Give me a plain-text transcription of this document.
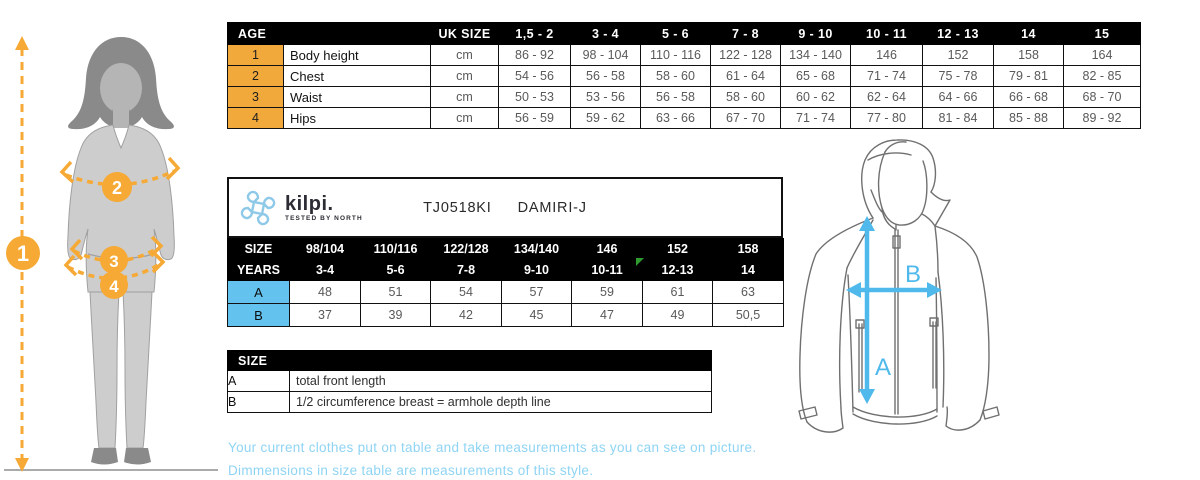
1
2
3
4
AGE		UK SIZE	1,5 - 2	3 - 4	5 - 6	7 - 8	9 - 10	10 - 11	12 - 13	14	15
1	Body height	cm	86 - 92	98 - 104	110 - 116	122 - 128	134 - 140	146	152	158	164
2	Chest	cm	54 - 56	56 - 58	58 - 60	61 - 64	65 - 68	71 - 74	75 - 78	79 - 81	82 - 85
3	Waist	cm	50 - 53	53 - 56	56 - 58	58 - 60	60 - 62	62 - 64	64 - 66	66 - 68	68 - 70
4	Hips	cm	56 - 59	59 - 62	63 - 66	67 - 70	71 - 74	77 - 80	81 - 84	85 - 88	89 - 92
TJ0518KI DAMIRI-J
kilpi.
TESTED BY NORTH
SIZE	98/104	110/116	122/128	134/140	146	152	158
YEARS	3-4	5-6	7-8	9-10	10-11	12-13	14
A	48	51	54	57	59	61	63
B	37	39	42	45	47	49	50,5
SIZE	
A	total front length
B	1/2 circumference breast = armhole depth line
Your current clothes put on table and take measurements as you can see on picture.
Dimmensions in size table are measurements of this style.
A
B
